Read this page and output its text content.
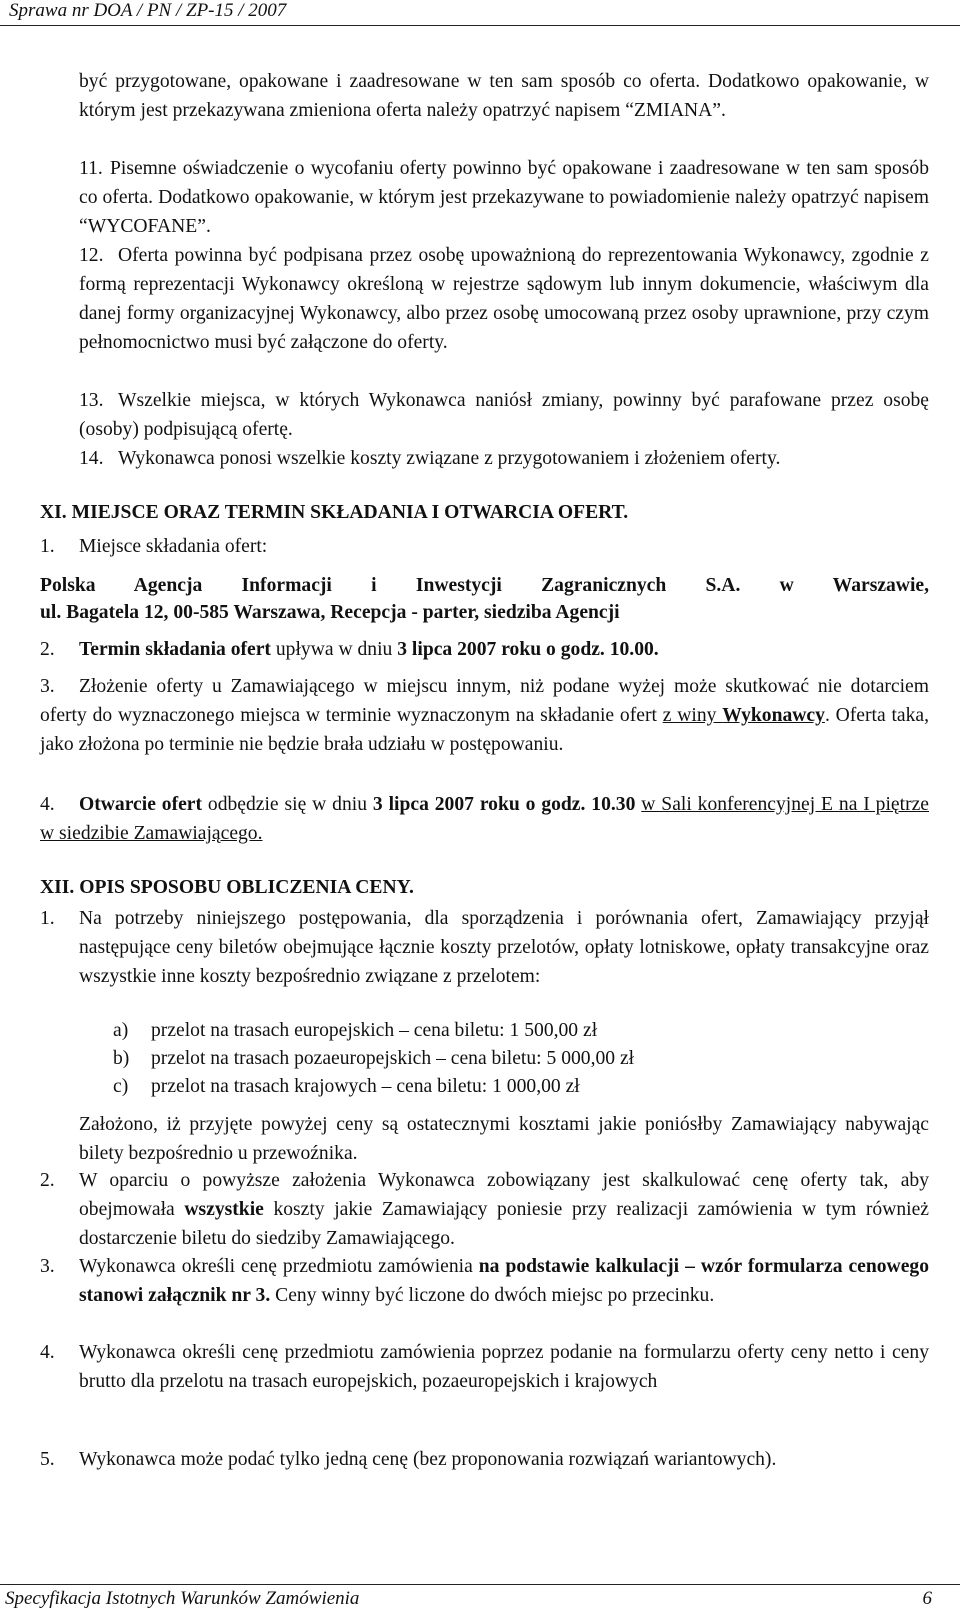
Sprawa nr DOA / PN / ZP-15 / 2007
być przygotowane, opakowane i zaadresowane w ten sam sposób co oferta. Dodatkowo opakowanie, w którym jest przekazywana zmieniona oferta należy opatrzyć napisem “ZMIANA”.
11. Pisemne oświadczenie o wycofaniu oferty powinno być opakowane i zaadresowane w ten sam sposób co oferta. Dodatkowo opakowanie, w którym jest przekazywane to powiadomienie należy opatrzyć napisem “WYCOFANE”.
12. Oferta powinna być podpisana przez osobę upoważnioną do reprezentowania Wykonawcy, zgodnie z formą reprezentacji Wykonawcy określoną w rejestrze sądowym lub innym dokumencie, właściwym dla danej formy organizacyjnej Wykonawcy, albo przez osobę umocowaną przez osoby uprawnione, przy czym pełnomocnictwo musi być załączone do oferty.
13. Wszelkie miejsca, w których Wykonawca naniósł zmiany, powinny być parafowane przez osobę (osoby) podpisującą ofertę.
14. Wykonawca ponosi wszelkie koszty związane z przygotowaniem i złożeniem oferty.
XI. MIEJSCE ORAZ TERMIN SKŁADANIA I OTWARCIA OFERT.
1. Miejsce składania ofert:
Polska Agencja Informacji i Inwestycji Zagranicznych S.A. w Warszawie,
ul. Bagatela 12, 00-585 Warszawa, Recepcja - parter, siedziba Agencji
2. Termin składania ofert upływa w dniu 3 lipca 2007 roku o godz. 10.00.
3.	Złożenie oferty u Zamawiającego w miejscu innym, niż podane wyżej może skutkować nie dotarciem oferty do wyznaczonego miejsca w terminie wyznaczonym na składanie ofert z winy Wykonawcy. Oferta taka, jako złożona po terminie nie będzie brała udziału w postępowaniu.
4.	Otwarcie ofert odbędzie się w dniu 3 lipca 2007 roku o godz. 10.30 w Sali konferencyjnej E na I piętrze w siedzibie Zamawiającego.
XII. OPIS SPOSOBU OBLICZENIA CENY.
1. Na potrzeby niniejszego postępowania, dla sporządzenia i porównania ofert, Zamawiający przyjął następujące ceny biletów obejmujące łącznie koszty przelotów, opłaty lotniskowe, opłaty transakcyjne oraz wszystkie inne koszty bezpośrednio związane z przelotem:
a) przelot na trasach europejskich – cena biletu: 1 500,00 zł
b) przelot na trasach pozaeuropejskich – cena biletu: 5 000,00 zł
c) przelot na trasach krajowych – cena biletu: 1 000,00 zł
Założono, iż przyjęte powyżej ceny są ostatecznymi kosztami jakie poniósłby Zamawiający nabywając bilety bezpośrednio u przewoźnika.
2. W oparciu o powyższe założenia Wykonawca zobowiązany jest skalkulować cenę oferty tak, aby obejmowała wszystkie koszty jakie Zamawiający poniesie przy realizacji zamówienia w tym również dostarczenie biletu do siedziby Zamawiającego.
3. Wykonawca określi cenę przedmiotu zamówienia na podstawie kalkulacji – wzór formularza cenowego stanowi załącznik nr 3. Ceny winny być liczone do dwóch miejsc po przecinku.
4. Wykonawca określi cenę przedmiotu zamówienia poprzez podanie na formularzu oferty ceny netto i ceny brutto dla przelotu na trasach europejskich, pozaeuropejskich i krajowych
5. Wykonawca może podać tylko jedną cenę (bez proponowania rozwiązań wariantowych).
Specyfikacja Istotnych Warunków Zamówienia	6
